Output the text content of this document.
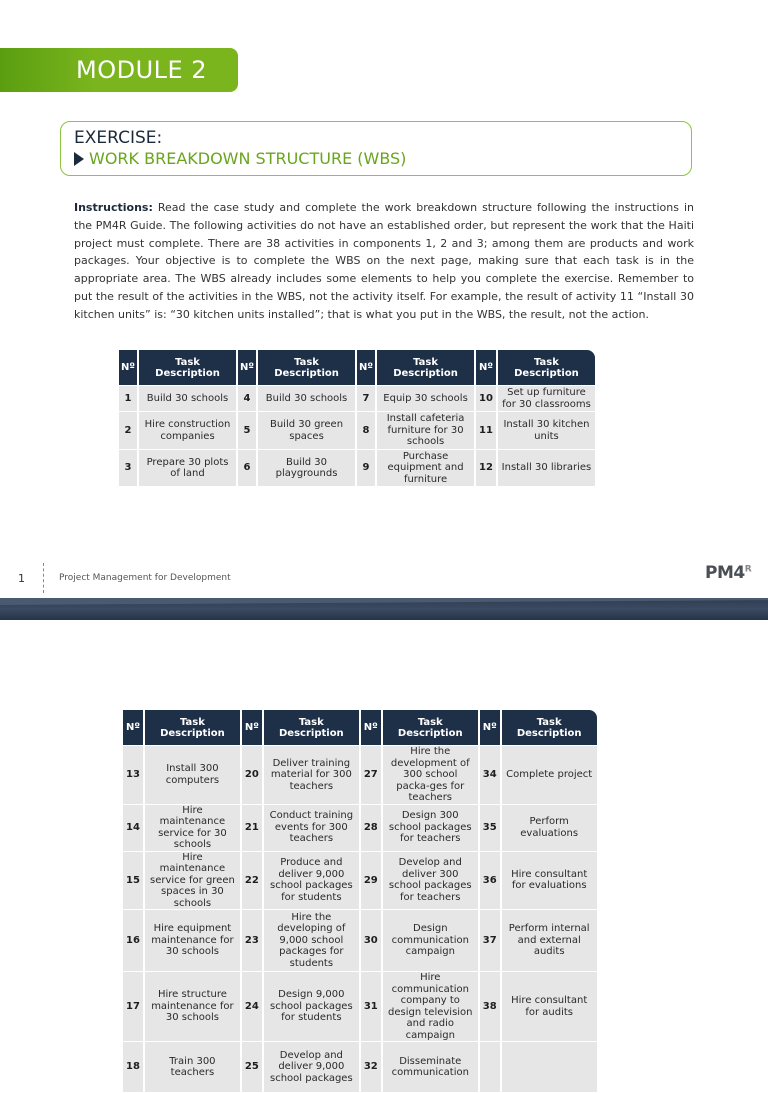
MODULE 2
EXERCISE:
WORK BREAKDOWN STRUCTURE (WBS)

Instructions: Read the case study and complete the work breakdown structure following the instructions in the PM4R Guide. The following activities do not have an established order, but represent the work that the Haiti project must complete. There are 38 activities in components 1, 2 and 3; among them are products and work packages. Your objective is to complete the WBS on the next page, making sure that each task is in the appropriate area. The WBS already includes some elements to help you complete the exercise. Remember to put the result of the activities in the WBS, not the activity itself. For example, the result of activity 11 “Install 30 kitchen units” is: “30 kitchen units installed”; that is what you put in the WBS, the result, not the action.

Nº	Task Description	Nº	Task Description	Nº	Task Description	Nº	Task Description
1	Build 30 schools	4	Build 30 schools	7	Equip 30 schools	10	Set up furniture for 30 classrooms
2	Hire construction companies	5	Build 30 green spaces	8	Install cafeteria furniture for 30 schools	11	Install 30 kitchen units
3	Prepare 30 plots of land	6	Build 30 playgrounds	9	Purchase equipment and furniture	12	Install 30 libraries
1	Project Management for Development	$PM4^R$
Nº	Task Description	Nº	Task Description	Nº	Task Description	Nº	Task Description
13	Install 300 computers	20	Deliver training material for 300 teachers	27	Hire the development of 300 school packa-ges for teachers	34	Complete project
14	Hire maintenance service for 30 schools	21	Conduct training events for 300 teachers	28	Design 300 school packages for teachers	35	Perform evaluations
15	Hire maintenance service for green spaces in 30 schools	22	Produce and deliver 9,000 school packages for students	29	Develop and deliver 300 school packages for teachers	36	Hire consultant for evaluations
16	Hire equipment maintenance for 30 schools	23	Hire the developing of 9,000 school packages for students	30	Design communication campaign	37	Perform internal and external audits
17	Hire structure maintenance for 30 schools	24	Design 9,000 school packages for students	31	Hire communication company to design television and radio campaign	38	Hire consultant for audits
18	Train 300 teachers	25	Develop and deliver 9,000 school packages	32	Disseminate communication		
